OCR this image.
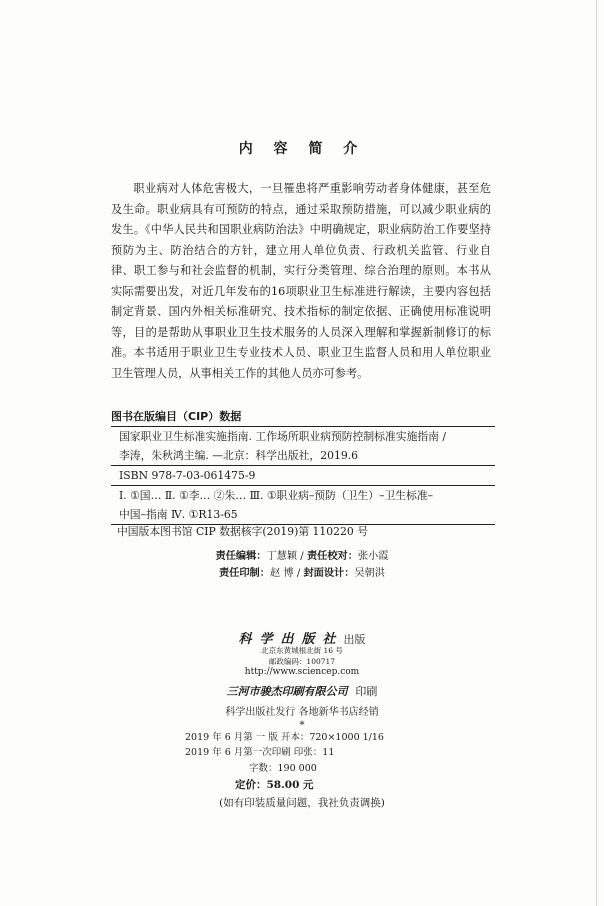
内 容 简 介

职业病对人体危害极大，一旦罹患将严重影响劳动者身体健康，甚至危及生命。职业病具有可预防的特点，通过采取预防措施，可以减少职业病的发生。《中华人民共和国职业病防治法》中明确规定，职业病防治工作要坚持预防为主、防治结合的方针，建立用人单位负责、行政机关监管、行业自律、职工参与和社会监督的机制，实行分类管理、综合治理的原则。本书从实际需要出发，对近几年发布的16项职业卫生标准进行解读，主要内容包括制定背景、国内外相关标准研究、技术指标的制定依据、正确使用标准说明等，目的是帮助从事职业卫生技术服务的人员深入理解和掌握新制修订的标准。 本书适用于职业卫生专业技术人员、职业卫生监督人员和用人单位职业卫生管理人员，从事相关工作的其他人员亦可参考。

图书在版编目（CIP）数据
国家职业卫生标准实施指南. 工作场所职业病预防控制标准实施指南 /
李涛，朱秋鸿主编. —北京：科学出版社，2019.6
ISBN 978-7-03-061475-9
Ⅰ. ①国… Ⅱ. ①李… ②朱… Ⅲ. ①职业病–预防（卫生）–卫生标准–
中国–指南 Ⅳ. ①R13-65
中国版本图书馆 CIP 数据核字(2019)第 110220 号
责任编辑：丁慧颖 / 责任校对：张小霞
责任印制：赵 博 / 封面设计：吴朝洪
科学出版社出版
北京东黄城根北街 16 号
邮政编码：100717
http://www.sciencep.com
三河市骏杰印刷有限公司 印刷
科学出版社发行 各地新华书店经销
*
2019 年 6 月第 一 版 开本：720×1000 1/16
2019 年 6 月第一次印刷 印张：11
字数：190 000
定价：58.00 元
(如有印装质量问题，我社负责调换)
